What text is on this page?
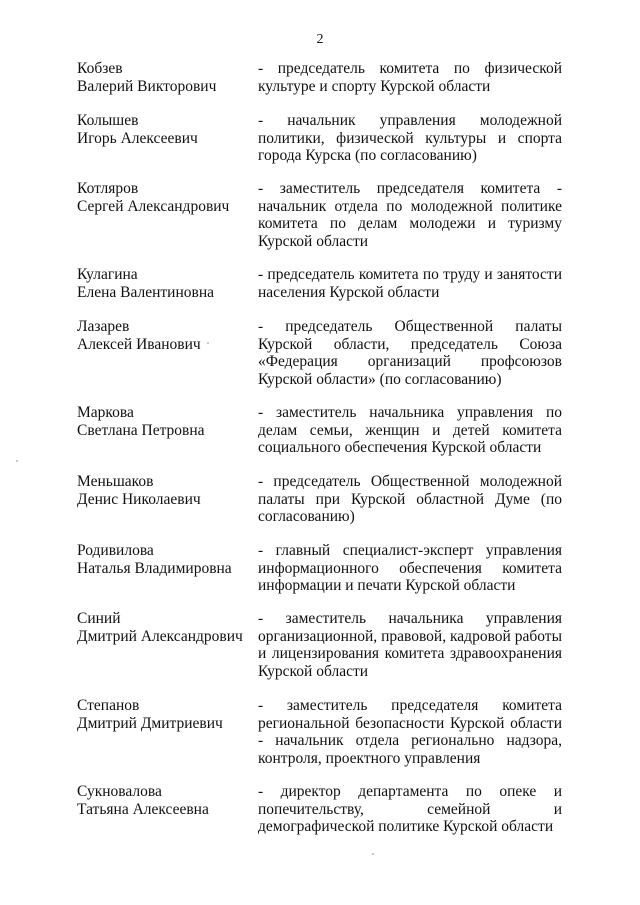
2
Кобзев
Валерий Викторович
- председатель комитета по физической культуре и спорту Курской области
Колышев
Игорь Алексеевич
- начальник управления молодежной политики, физической культуры и спорта города Курска (по согласованию)
Котляров
Сергей Александрович
- заместитель председателя комитета - начальник отдела по молодежной политике комитета по делам молодежи и туризму Курской области
Кулагина
Елена Валентиновна
- председатель комитета по труду и занятости населения Курской области
Лазарев
Алексей Иванович
- председатель Общественной палаты Курской области, председатель Союза «Федерация организаций профсоюзов Курской области» (по согласованию)
Маркова
Светлана Петровна
- заместитель начальника управления по делам семьи, женщин и детей комитета социального обеспечения Курской области
Меньшаков
Денис Николаевич
- председатель Общественной молодежной палаты при Курской областной Думе (по согласованию)
Родивилова
Наталья Владимировна
- главный специалист-эксперт управления информационного обеспечения комитета информации и печати Курской области
Синий
Дмитрий Александрович
- заместитель начальника управления организационной, правовой, кадровой работы и лицензирования комитета здравоохранения Курской области
Степанов
Дмитрий Дмитриевич
- заместитель председателя комитета региональной безопасности Курской области - начальник отдела регионально надзора, контроля, проектного управления
Сукновалова
Татьяна Алексеевна
- директор департамента по опеке и попечительству, семейной и демографической политике Курской области
